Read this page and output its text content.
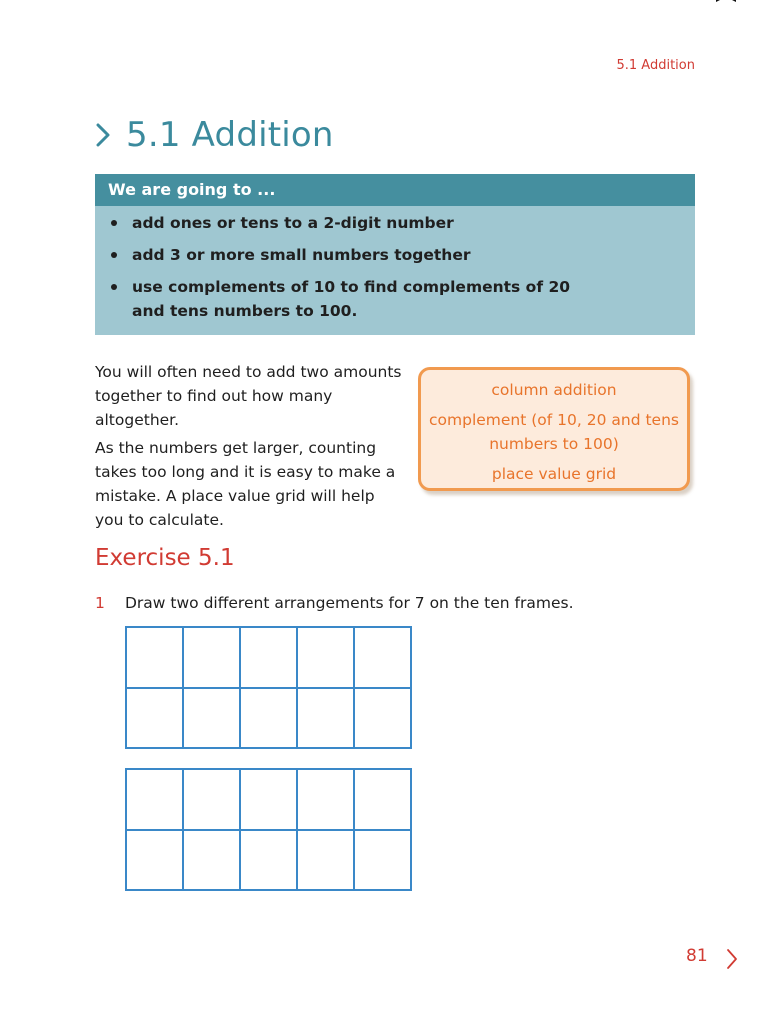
5.1 Addition
5.1 Addition
We are going to ...
add ones or tens to a 2-digit number
add 3 or more small numbers together
use complements of 10 to find complements of 20 and tens numbers to 100.

You will often need to add two amounts together to find out how many altogether.

As the numbers get larger, counting takes too long and it is easy to make a mistake. A place value grid will help you to calculate.

column addition
complement (of 10, 20 and tens numbers to 100)
place value grid
Exercise 5.1
1 Draw two different arrangements for 7 on the ten frames.
81
